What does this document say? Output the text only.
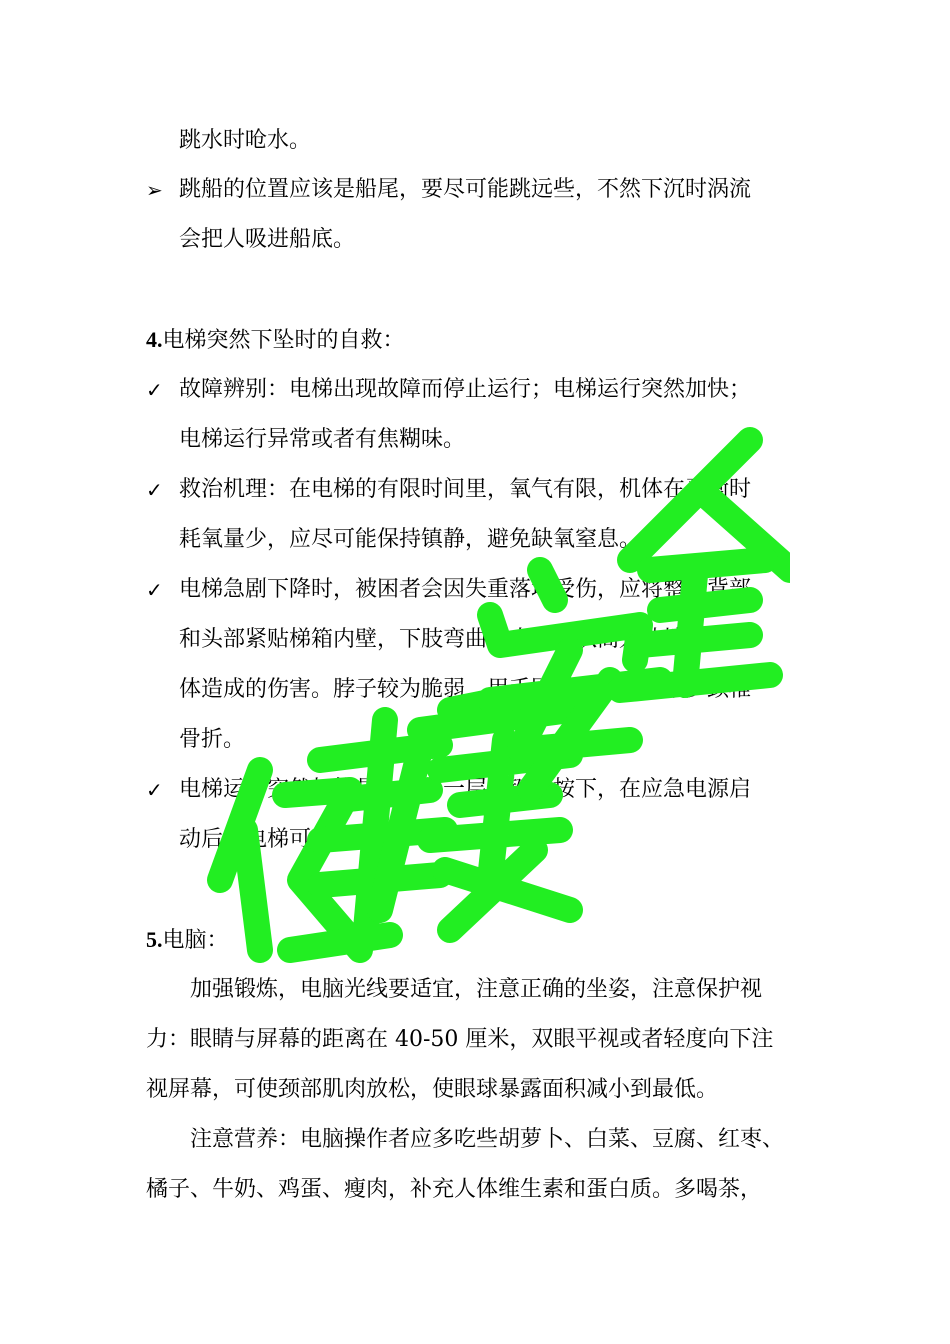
跳水时呛水。
➢ 跳船的位置应该是船尾，要尽可能跳远些，不然下沉时涡流
会把人吸进船底。
4.电梯突然下坠时的自救：
✓ 故障辨别：电梯出现故障而停止运行；电梯运行突然加快；
电梯运行异常或者有焦糊味。
✓ 救治机理：在电梯的有限时间里，氧气有限，机体在平衡时
耗氧量少，应尽可能保持镇静，避免缺氧窒息。
✓ 电梯急剧下降时，被困者会因失重落地受伤，应将整个背部
和头部紧贴梯箱内壁，下肢弯曲减少电梯从高处坠地时对人
体造成的伤害。脖子较为脆弱，用手固定颈部可以减少颈椎
骨折。
✓ 电梯运行突然加快是，把每一层按键都按下，在应急电源启
动后，电梯可立即停止。
5.电脑：
加强锻炼，电脑光线要适宜，注意正确的坐姿，注意保护视
力：眼睛与屏幕的距离在 40-50 厘米，双眼平视或者轻度向下注
视屏幕，可使颈部肌肉放松，使眼球暴露面积减小到最低。
注意营养：电脑操作者应多吃些胡萝卜、白菜、豆腐、红枣、
橘子、牛奶、鸡蛋、瘦肉，补充人体维生素和蛋白质。多喝茶，
